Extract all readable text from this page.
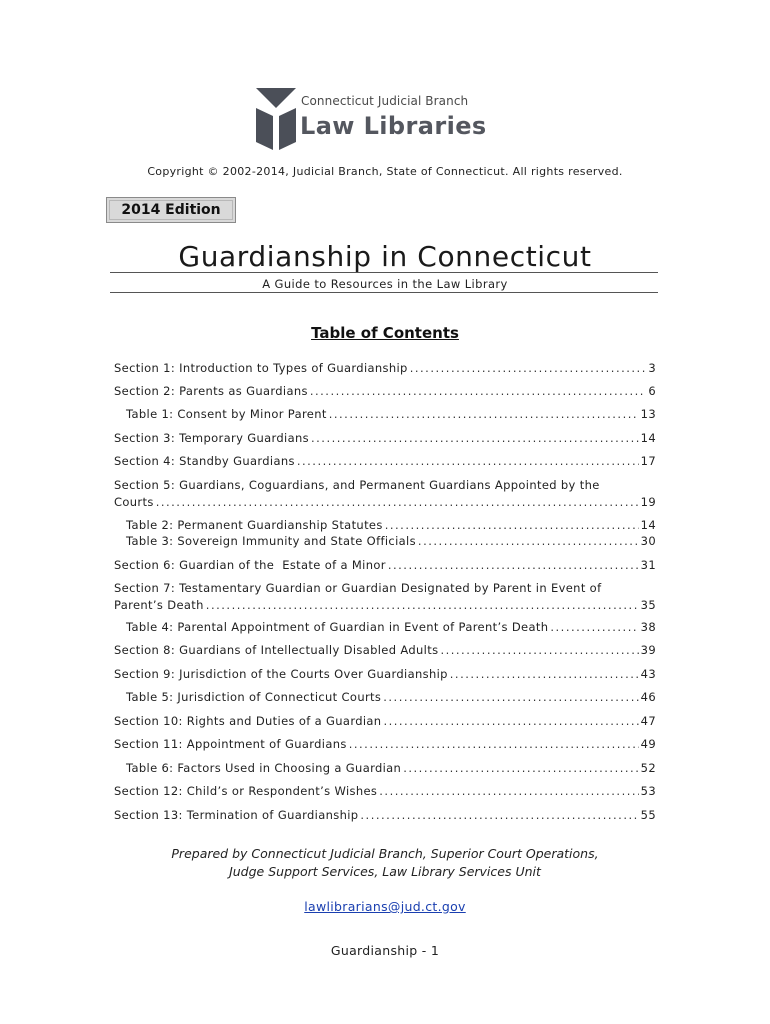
Connecticut Judicial Branch
Law Libraries
Copyright © 2002-2014, Judicial Branch, State of Connecticut. All rights reserved.
2014 Edition
Guardianship in Connecticut
A Guide to Resources in the Law Library
Table of Contents
Section 1: Introduction to Types of Guardianship .....	3
Section 2: Parents as Guardians .....	6
Table 1: Consent by Minor Parent .....	13
Section 3: Temporary Guardians .....	14
Section 4: Standby Guardians .....	17
Section 5: Guardians, Coguardians, and Permanent Guardians Appointed by the
Courts .....	19
Table 2: Permanent Guardianship Statutes .....	14
Table 3: Sovereign Immunity and State Officials .....	30
Section 6: Guardian of the  Estate of a Minor .....	31
Section 7: Testamentary Guardian or Guardian Designated by Parent in Event of
Parent’s Death .....	35
Table 4: Parental Appointment of Guardian in Event of Parent’s Death .....	38
Section 8: Guardians of Intellectually Disabled Adults .....	39
Section 9: Jurisdiction of the Courts Over Guardianship .....	43
Table 5: Jurisdiction of Connecticut Courts .....	46
Section 10: Rights and Duties of a Guardian .....	47
Section 11: Appointment of Guardians .....	49
Table 6: Factors Used in Choosing a Guardian .....	52
Section 12: Child’s or Respondent’s Wishes .....	53
Section 13: Termination of Guardianship .....	55
Prepared by Connecticut Judicial Branch, Superior Court Operations,
Judge Support Services, Law Library Services Unit
lawlibrarians@jud.ct.gov
Guardianship - 1
